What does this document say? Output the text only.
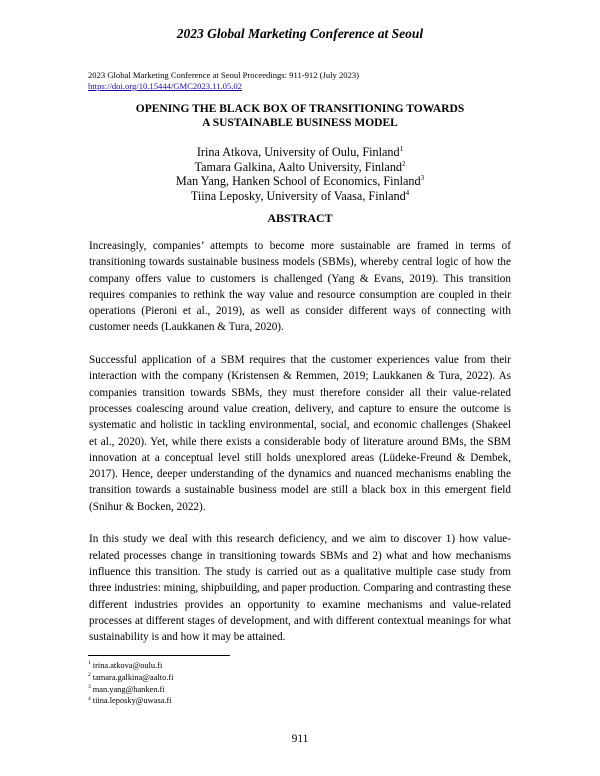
2023 Global Marketing Conference at Seoul
2023 Global Marketing Conference at Seoul Proceedings: 911-912 (July 2023)
https://doi.org/10.15444/GMC2023.11.05.02
OPENING THE BLACK BOX OF TRANSITIONING TOWARDS
A SUSTAINABLE BUSINESS MODEL
Irina Atkova, University of Oulu, Finland$^1$
Tamara Galkina, Aalto University, Finland$^2$
Man Yang, Hanken School of Economics, Finland$^3$
Tiina Leposky, University of Vaasa, Finland$^4$
ABSTRACT

Increasingly, companies’ attempts to become more sustainable are framed in terms of transitioning towards sustainable business models (SBMs), whereby central logic of how the company offers value to customers is challenged (Yang & Evans, 2019). This transition requires companies to rethink the way value and resource consumption are coupled in their operations (Pieroni et al., 2019), as well as consider different ways of connecting with customer needs (Laukkanen & Tura, 2020).

Successful application of a SBM requires that the customer experiences value from their interaction with the company (Kristensen & Remmen, 2019; Laukkanen & Tura, 2022). As companies transition towards SBMs, they must therefore consider all their value-related processes coalescing around value creation, delivery, and capture to ensure the outcome is systematic and holistic in tackling environmental, social, and economic challenges (Shakeel et al., 2020). Yet, while there exists a considerable body of literature around BMs, the SBM innovation at a conceptual level still holds unexplored areas (Lüdeke-Freund & Dembek, 2017). Hence, deeper understanding of the dynamics and nuanced mechanisms enabling the transition towards a sustainable business model are still a black box in this emergent field (Snihur & Bocken, 2022).

In this study we deal with this research deficiency, and we aim to discover 1) how value-related processes change in transitioning towards SBMs and 2) what and how mechanisms influence this transition. The study is carried out as a qualitative multiple case study from three industries: mining, shipbuilding, and paper production. Comparing and contrasting these different industries provides an opportunity to examine mechanisms and value-related processes at different stages of development, and with different contextual meanings for what sustainability is and how it may be attained.

$^1$ irina.atkova@oulu.fi
$^2$ tamara.galkina@aalto.fi
$^3$ man.yang@hanken.fi
$^4$ tiina.leposky@uwasa.fi
911
